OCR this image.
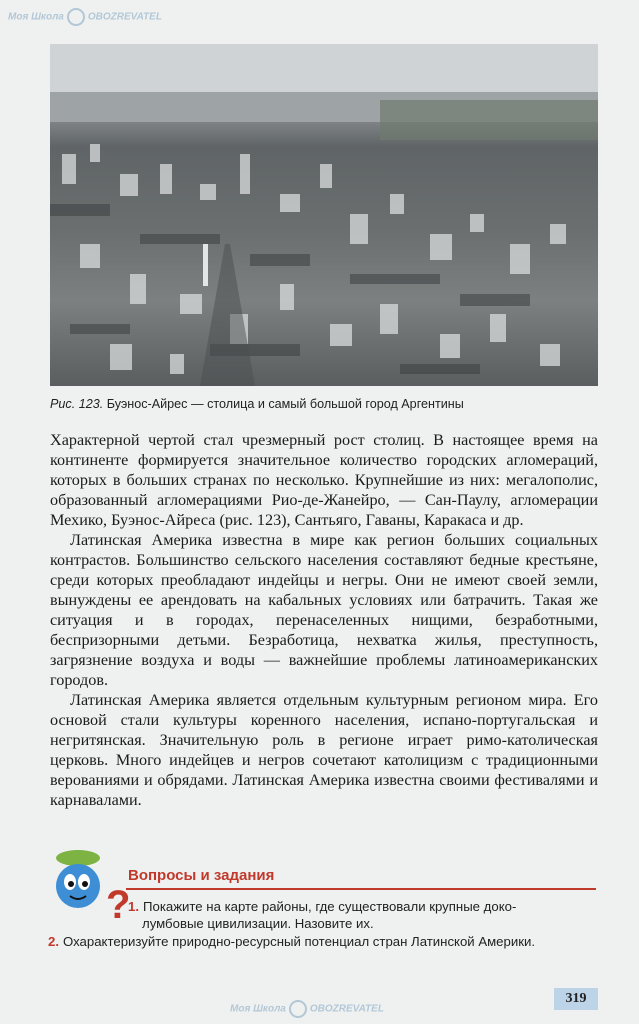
Рис. 123. Буэнос-Айрес — столица и самый большой город Аргентины

Характерной чертой стал чрезмерный рост столиц. В настоящее время на континенте формируется значительное количество городских агломераций, которых в больших странах по несколько. Крупнейшие из них: мегалополис, образованный агломерациями Рио-де-Жанейро, — Сан-Паулу, агломерации Мехико, Буэнос-Айреса (рис. 123), Сантьяго, Гаваны, Каракаса и др.

Латинская Америка известна в мире как регион больших социальных контрастов. Большинство сельского населения составляют бедные крестьяне, среди которых преобладают индейцы и негры. Они не имеют своей земли, вынуждены ее арендовать на кабальных условиях или батрачить. Такая же ситуация и в городах, перенаселенных нищими, безработными, беспризорными детьми. Безработица, нехватка жилья, преступность, загрязнение воздуха и воды — важнейшие проблемы латиноамериканских городов.

Латинская Америка является отдельным культурным регионом мира. Его основой стали культуры коренного населения, испано-португальская и негритянская. Значительную роль в регионе играет римо-католическая церковь. Много индейцев и негров сочетают католицизм с традиционными верованиями и обрядами. Латинская Америка известна своими фестивалями и карнавалами.

?
Вопросы и задания
1. Покажите на карте районы, где существовали крупные доко-
лумбовые цивилизации. Назовите их.
2. Охарактеризуйте природно-ресурсный потенциал стран Латинской Америки.
319
Моя Школа OBOZREVATEL
Моя Школа OBOZREVATEL
